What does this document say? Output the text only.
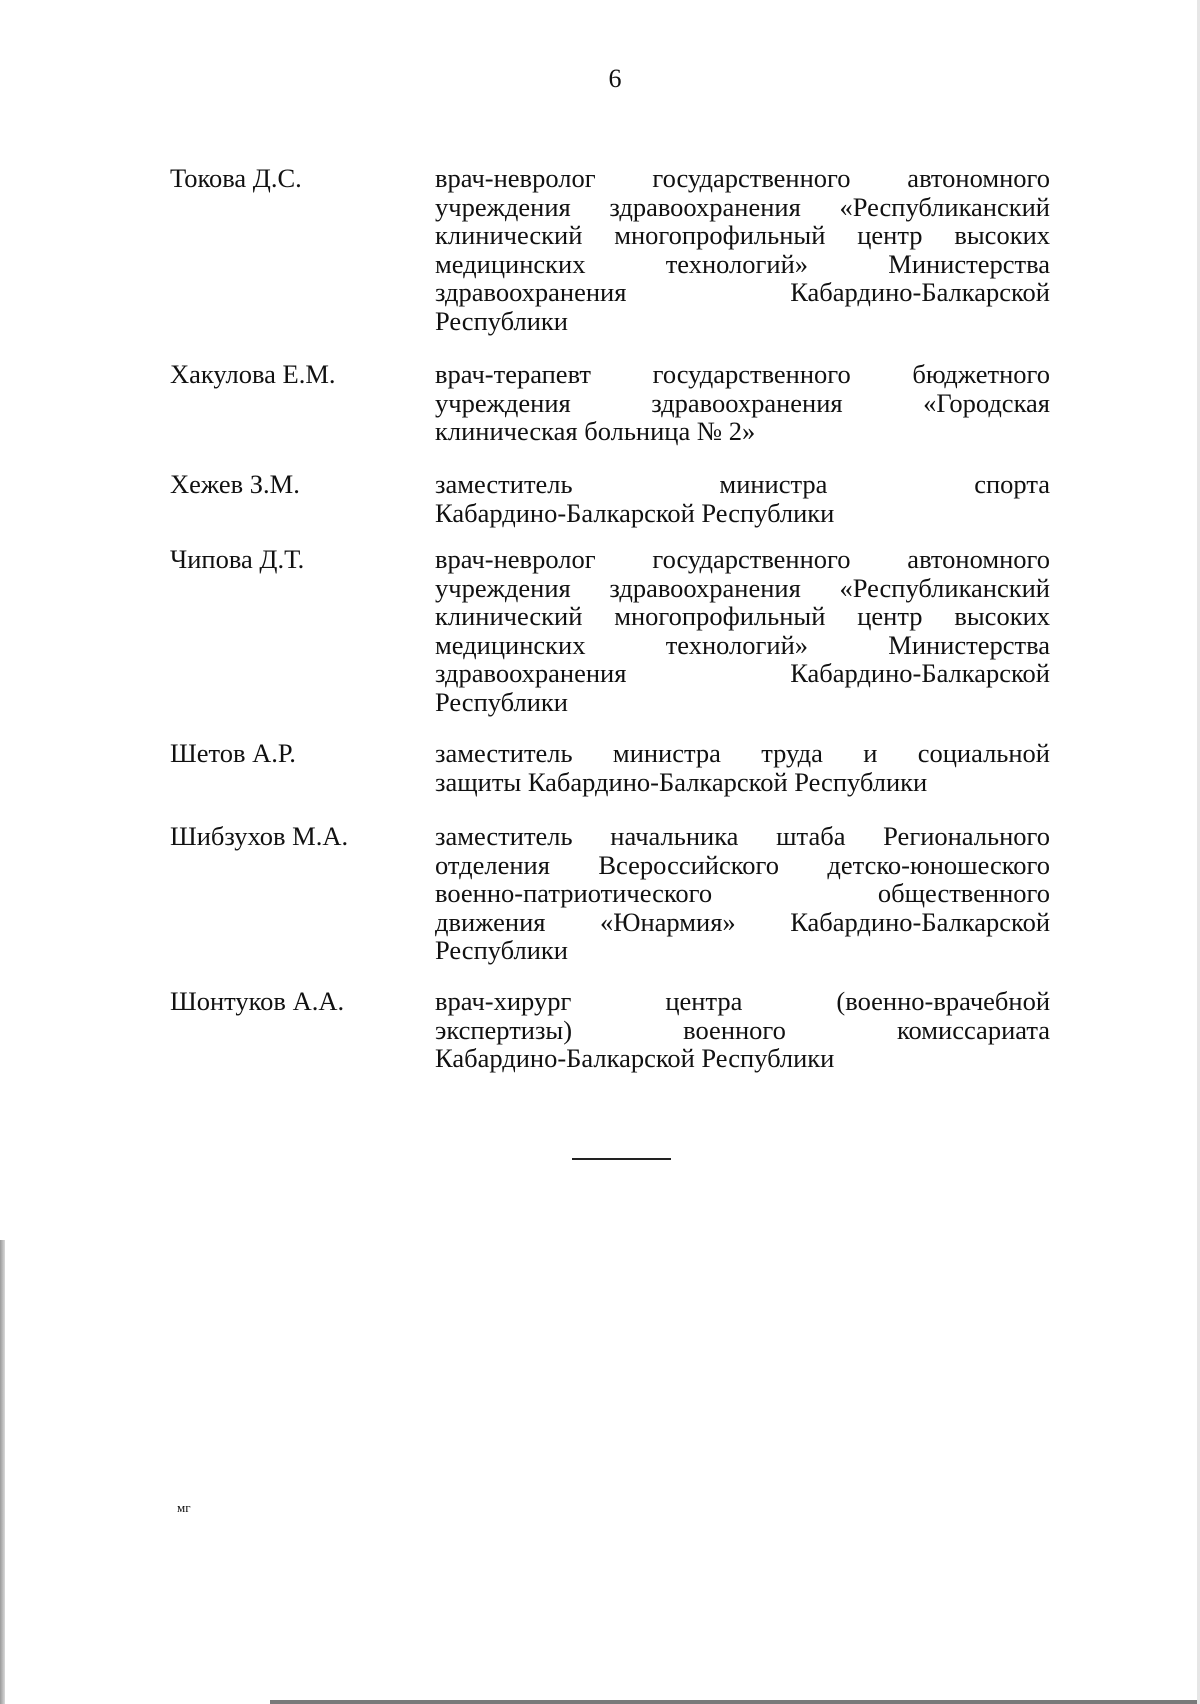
6
Токова Д.С.	врач-невролог государственного автономного
учреждения здравоохранения «Республиканский
клинический многопрофильный центр высоких
медицинских технологий» Министерства
здравоохранения Кабардино-Балкарской
Республики
Хакулова Е.М.	врач-терапевт государственного бюджетного
учреждения здравоохранения «Городская
клиническая больница № 2»
Хежев З.М.	заместитель министра спорта
Кабардино-Балкарской Республики
Чипова Д.Т.	врач-невролог государственного автономного
учреждения здравоохранения «Республиканский
клинический многопрофильный центр высоких
медицинских технологий» Министерства
здравоохранения Кабардино-Балкарской
Республики
Шетов А.Р.	заместитель министра труда и социальной
защиты Кабардино-Балкарской Республики
Шибзухов М.А.	заместитель начальника штаба Регионального
отделения Всероссийского детско-юношеского
военно-патриотического общественного
движения «Юнармия» Кабардино-Балкарской
Республики
Шонтуков А.А.	врач-хирург центра (военно-врачебной
экспертизы) военного комиссариата
Кабардино-Балкарской Республики
мг
